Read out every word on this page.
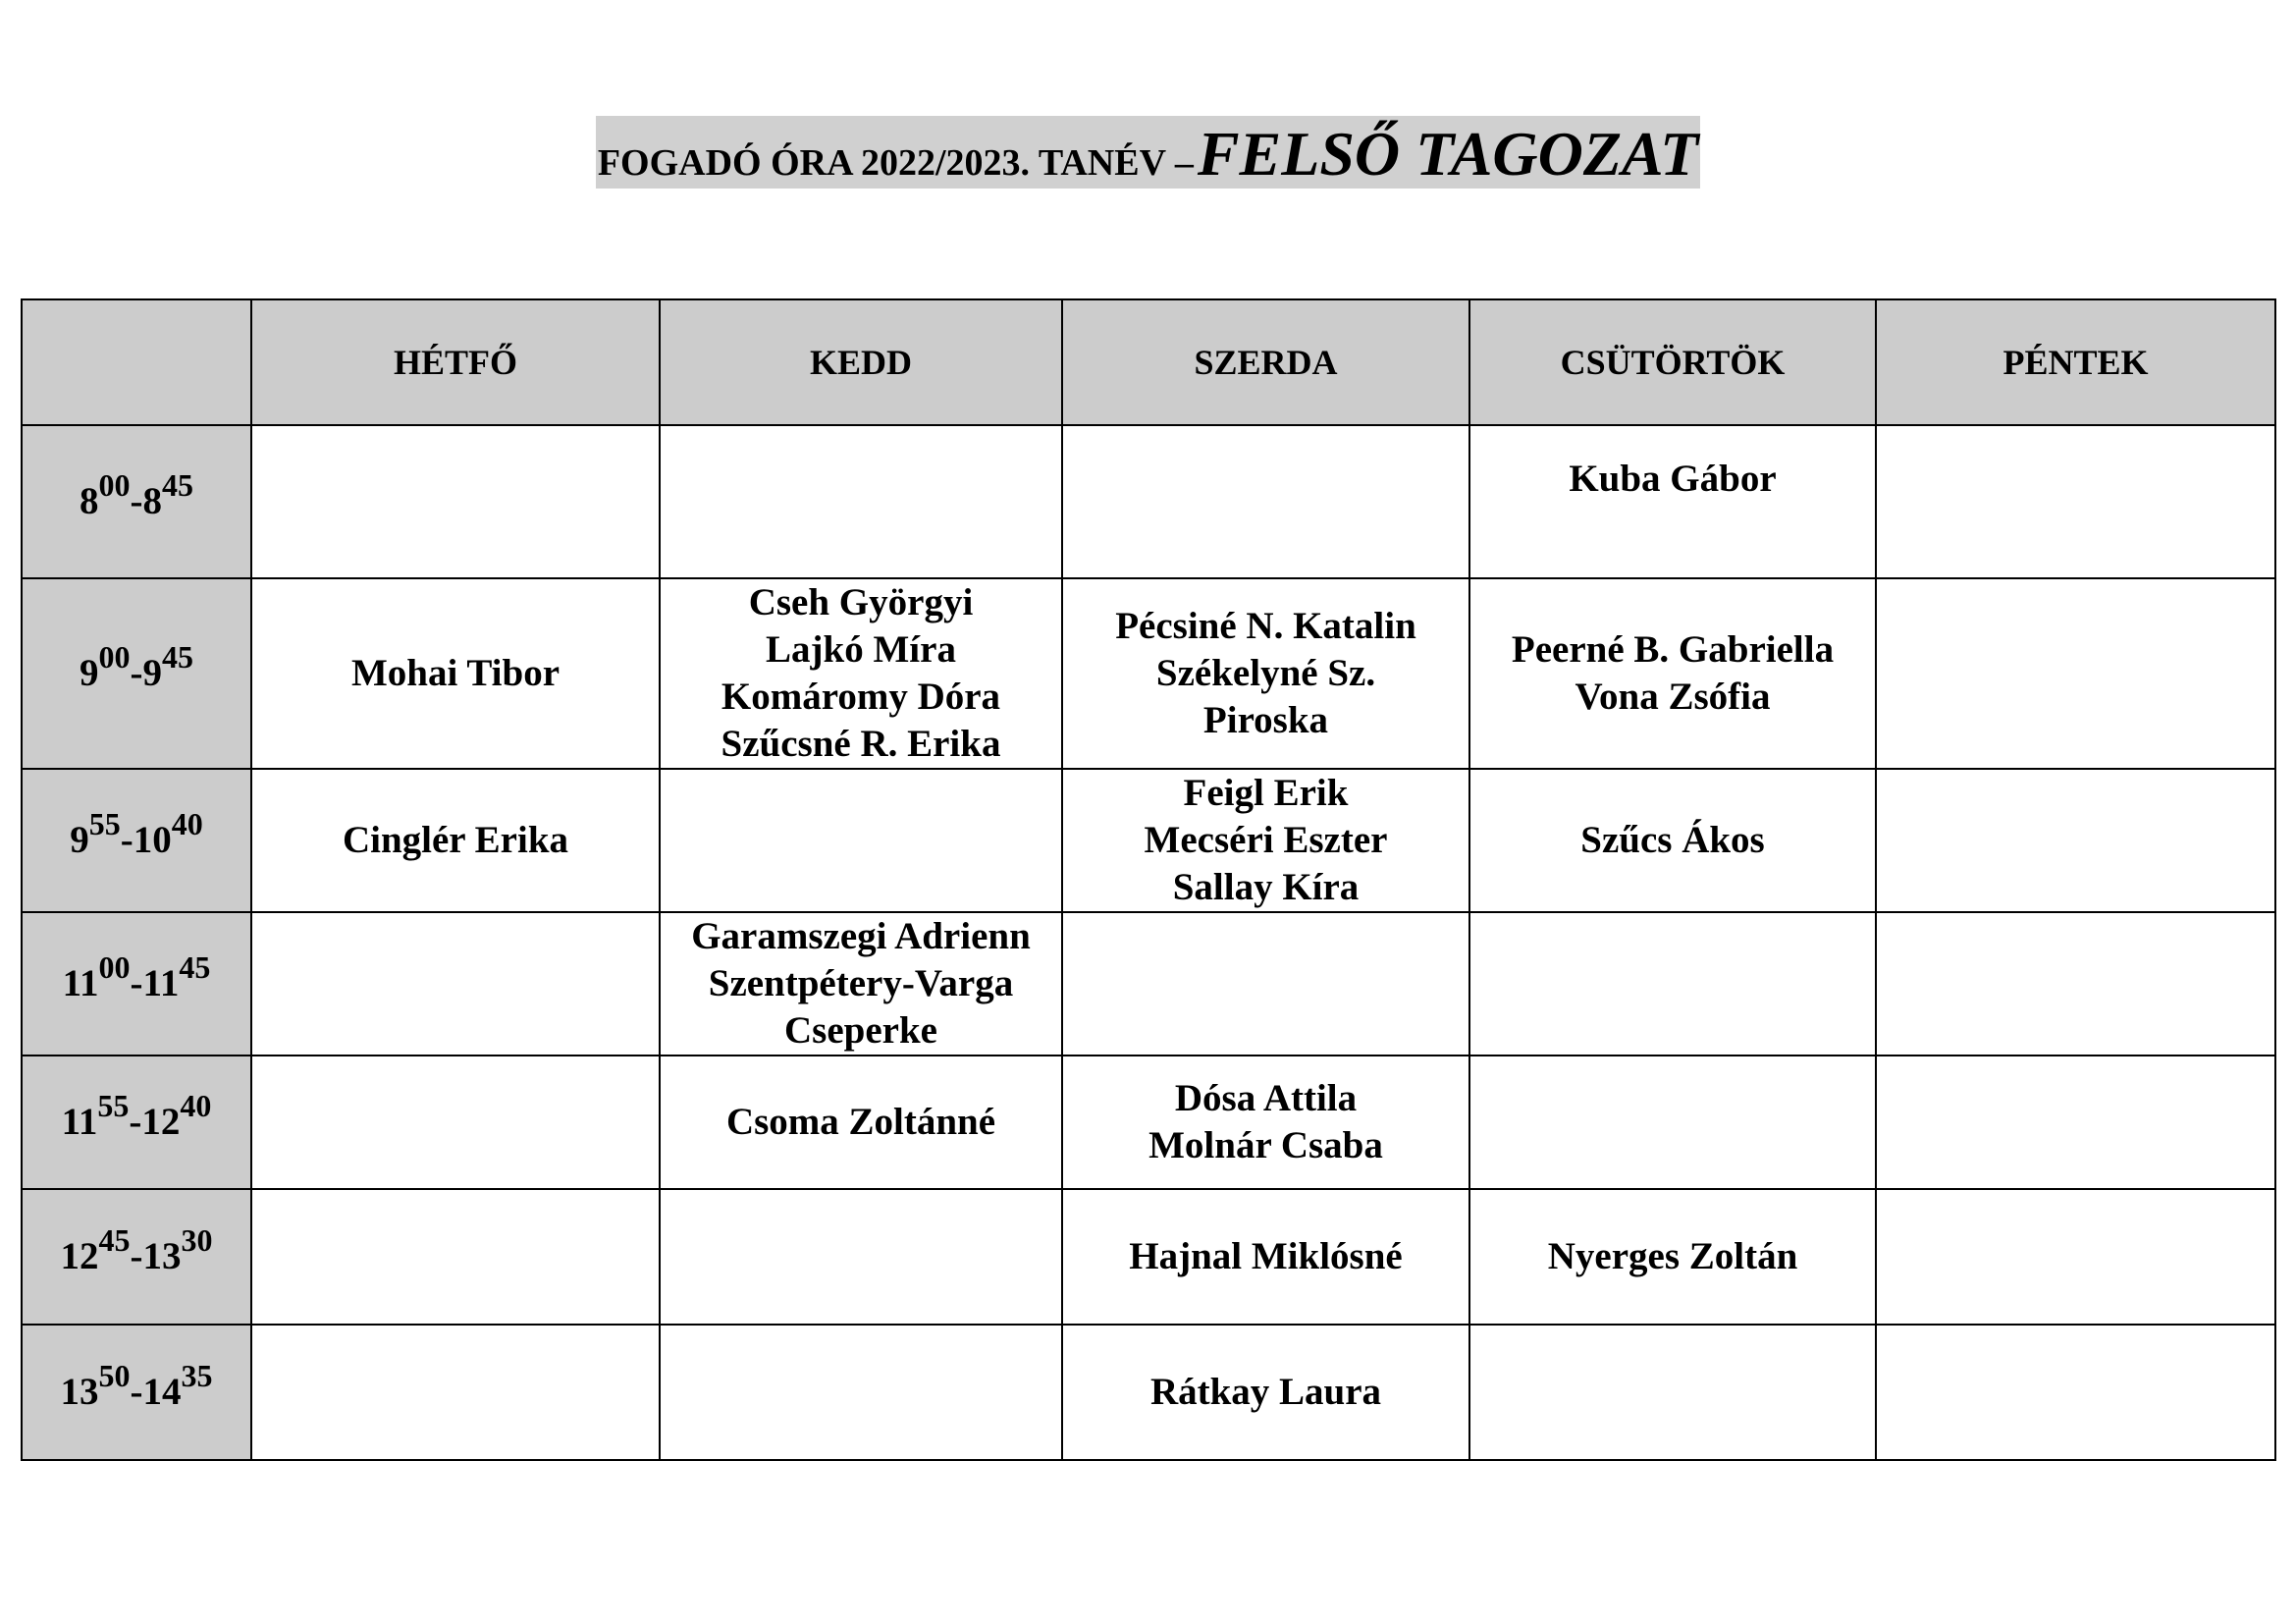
FOGADÓ ÓRA 2022/2023. TANÉV – FELSŐ TAGOZAT
	HÉTFŐ	KEDD	SZERDA	CSÜTÖRTÖK	PÉNTEK
$8^{00}-8^{45}$				Kuba Gábor	

$9^{00}-9^{45}$	Mohai Tibor	Cseh Györgyi
Lajkó Míra
Komáromy Dóra
Szűcsné R. Erika	Pécsiné N. Katalin
Székelyné Sz.
Piroska	Peerné B. Gabriella
Vona Zsófia	

$9^{55}-10^{40}$	Cinglér Erika		Feigl Erik
Mecséri Eszter
Sallay Kíra	Szűcs Ákos	

$11^{00}-11^{45}$		Garamszegi Adrienn
Szentpétery-Varga
Cseperke			

$11^{55}-12^{40}$		Csoma Zoltánné	Dósa Attila
Molnár Csaba		

$12^{45}-13^{30}$			Hajnal Miklósné	Nyerges Zoltán	

$13^{50}-14^{35}$			Rátkay Laura		
